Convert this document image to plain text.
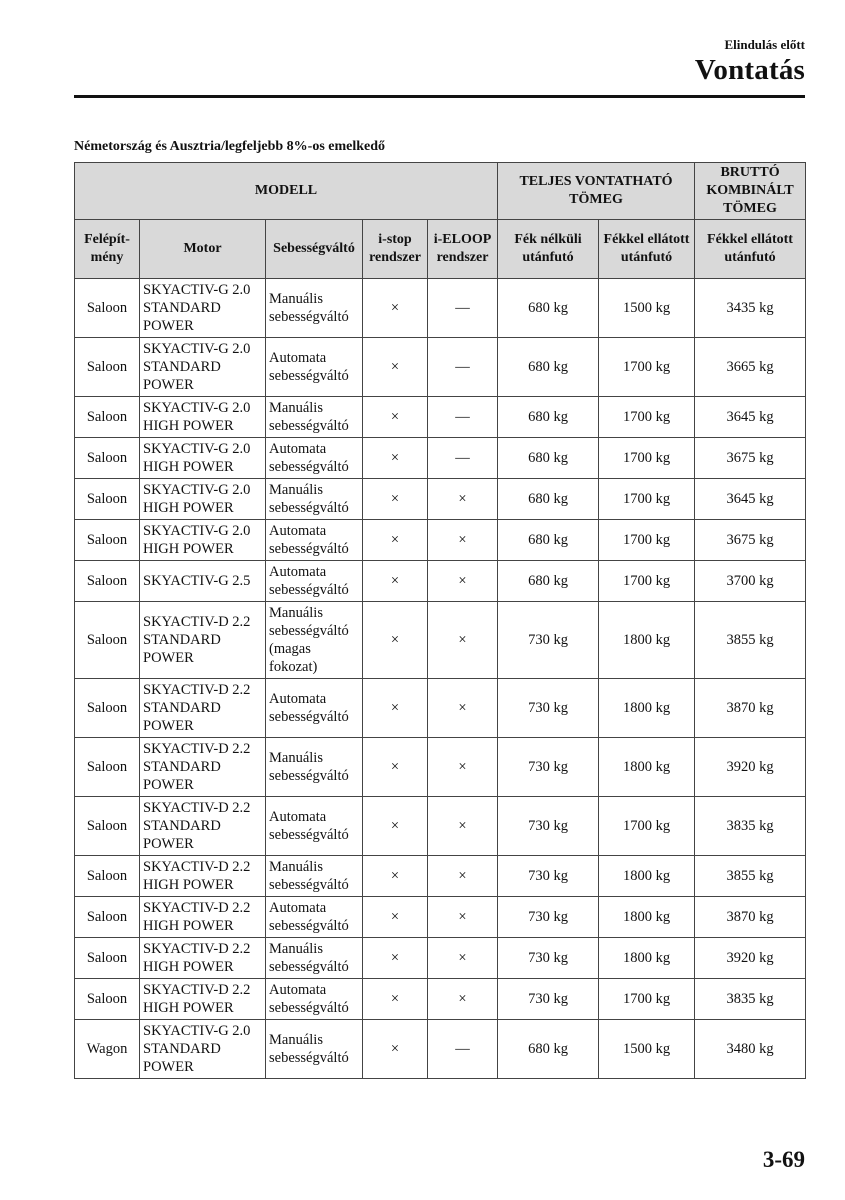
Elindulás előtt
Vontatás
Németország és Ausztria/legfeljebb 8%-os emelkedő
MODELL					TELJES VONTATHATÓ TÖMEG		BRUTTÓ KOMBINÁLT TÖMEG
Felépít-mény	Motor	Sebességváltó	i-stop rendszer	i-ELOOP rendszer	Fék nélküli utánfutó	Fékkel ellátott utánfutó	Fékkel ellátott utánfutó
Saloon	SKYACTIV-G 2.0 STANDARD POWER	Manuális sebességváltó	×	—	680 kg	1500 kg	3435 kg
Saloon	SKYACTIV-G 2.0 STANDARD POWER	Automata sebességváltó	×	—	680 kg	1700 kg	3665 kg
Saloon	SKYACTIV-G 2.0 HIGH POWER	Manuális sebességváltó	×	—	680 kg	1700 kg	3645 kg
Saloon	SKYACTIV-G 2.0 HIGH POWER	Automata sebességváltó	×	—	680 kg	1700 kg	3675 kg
Saloon	SKYACTIV-G 2.0 HIGH POWER	Manuális sebességváltó	×	×	680 kg	1700 kg	3645 kg
Saloon	SKYACTIV-G 2.0 HIGH POWER	Automata sebességváltó	×	×	680 kg	1700 kg	3675 kg
Saloon	SKYACTIV-G 2.5	Automata sebességváltó	×	×	680 kg	1700 kg	3700 kg
Saloon	SKYACTIV-D 2.2 STANDARD POWER	Manuális sebességváltó (magas fokozat)	×	×	730 kg	1800 kg	3855 kg
Saloon	SKYACTIV-D 2.2 STANDARD POWER	Automata sebességváltó	×	×	730 kg	1800 kg	3870 kg
Saloon	SKYACTIV-D 2.2 STANDARD POWER	Manuális sebességváltó	×	×	730 kg	1800 kg	3920 kg
Saloon	SKYACTIV-D 2.2 STANDARD POWER	Automata sebességváltó	×	×	730 kg	1700 kg	3835 kg
Saloon	SKYACTIV-D 2.2 HIGH POWER	Manuális sebességváltó	×	×	730 kg	1800 kg	3855 kg
Saloon	SKYACTIV-D 2.2 HIGH POWER	Automata sebességváltó	×	×	730 kg	1800 kg	3870 kg
Saloon	SKYACTIV-D 2.2 HIGH POWER	Manuális sebességváltó	×	×	730 kg	1800 kg	3920 kg
Saloon	SKYACTIV-D 2.2 HIGH POWER	Automata sebességváltó	×	×	730 kg	1700 kg	3835 kg
Wagon	SKYACTIV-G 2.0 STANDARD POWER	Manuális sebességváltó	×	—	680 kg	1500 kg	3480 kg
3-69
